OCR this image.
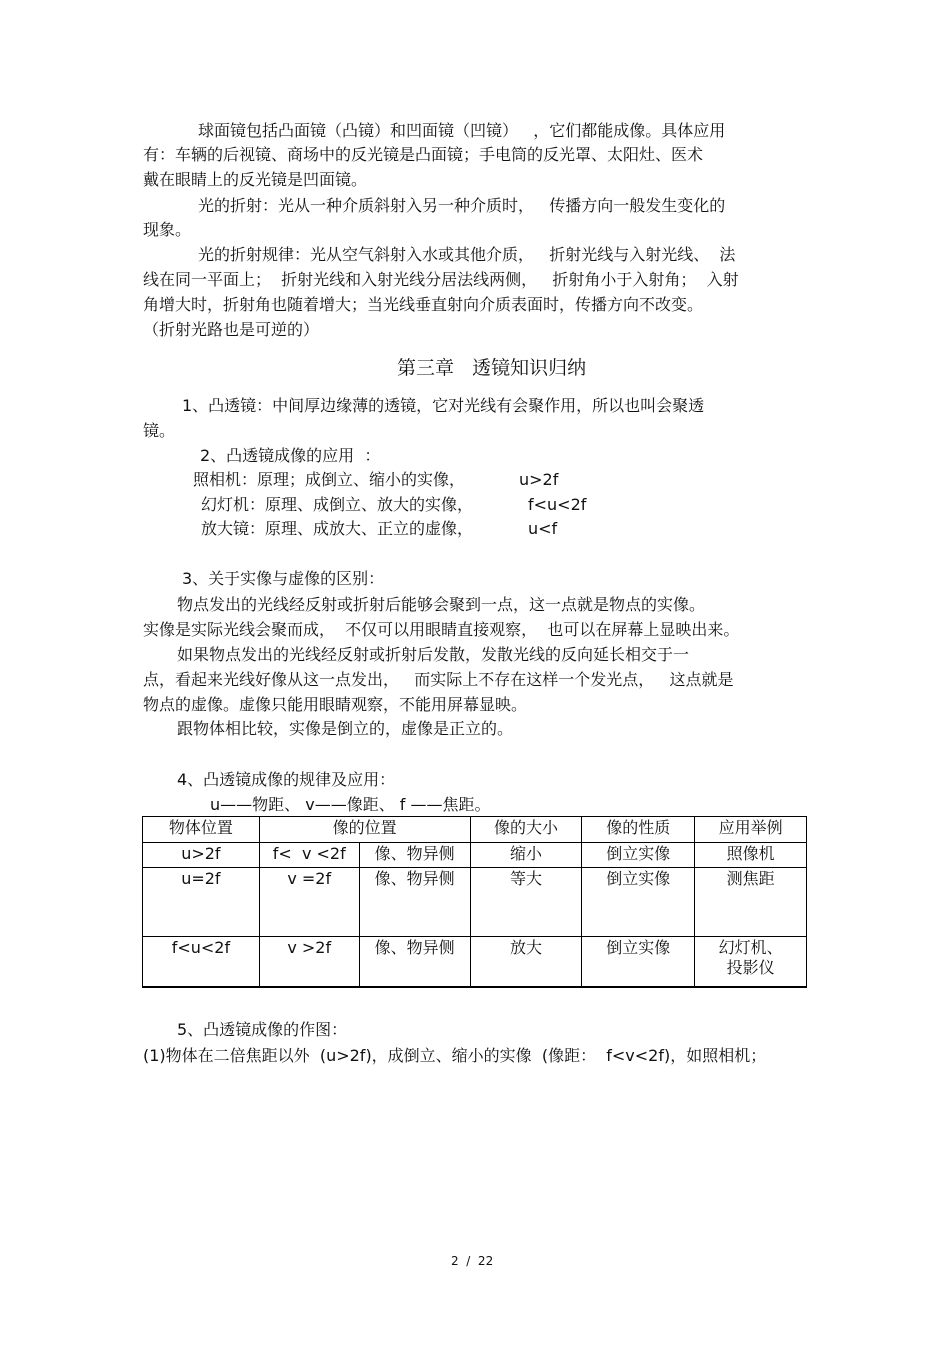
球面镜包括凸面镜（凸镜）和凹面镜（凹镜）   ，它们都能成像。具体应用
有：车辆的后视镜、商场中的反光镜是凸面镜；手电筒的反光罩、太阳灶、医术
戴在眼睛上的反光镜是凹面镜。
光的折射：光从一种介质斜射入另一种介质时，   传播方向一般发生变化的
现象。
光的折射规律：光从空气斜射入水或其他介质，   折射光线与入射光线、  法
线在同一平面上；  折射光线和入射光线分居法线两侧，   折射角小于入射角；  入射
角增大时，折射角也随着增大；当光线垂直射向介质表面时，传播方向不改变。
（折射光路也是可逆的）
第三章   透镜知识归纳
1、凸透镜：中间厚边缘薄的透镜，它对光线有会聚作用，所以也叫会聚透
镜。
2、凸透镜成像的应用  ：
照相机：原理；成倒立、缩小的实像，	u>2f
幻灯机：原理、成倒立、放大的实像，	f<u<2f
放大镜：原理、成放大、正立的虚像，	u<f
3、关于实像与虚像的区别：
物点发出的光线经反射或折射后能够会聚到一点，这一点就是物点的实像。
实像是实际光线会聚而成，  不仅可以用眼睛直接观察，  也可以在屏幕上显映出来。
如果物点发出的光线经反射或折射后发散，发散光线的反向延长相交于一
点，看起来光线好像从这一点发出，   而实际上不存在这样一个发光点，   这点就是
物点的虚像。虚像只能用眼睛观察，不能用屏幕显映。
跟物体相比较，实像是倒立的，虚像是正立的。
4、凸透镜成像的规律及应用：
u——物距、 v——像距、 f ——焦距。
物体位置	像的位置		像的大小	像的性质	应用举例
u>2f	f<  v <2f	像、物异侧	缩小	倒立实像	照像机
u=2f	v =2f	像、物异侧	等大	倒立实像	测焦距
f<u<2f	v >2f	像、物异侧	放大	倒立实像	幻灯机、
投影仪
5、凸透镜成像的作图：
(1)物体在二倍焦距以外  (u>2f)，成倒立、缩小的实像  (像距：  f<v<2f)，如照相机；
2  /  22
